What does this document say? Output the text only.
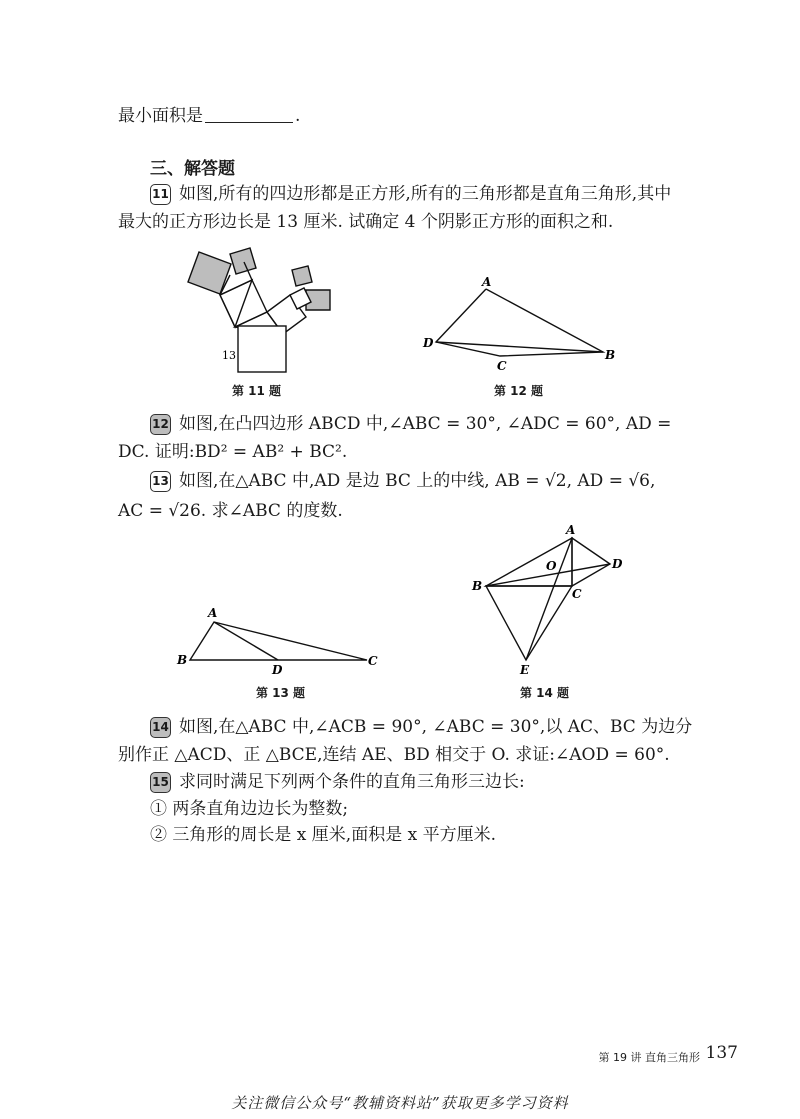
最小面积是	.
三、解答题
11 如图,所有的四边形都是正方形,所有的三角形都是直角三角形,其中
最大的正方形边长是 13 厘米. 试确定 4 个阴影正方形的面积之和.
13
第 11 题
A
D
C
B
第 12 题
12 如图,在凸四边形 ABCD 中,∠ABC = 30°, ∠ADC = 60°, AD =
DC. 证明:BD² = AB² + BC².
13 如图,在△ABC 中,AD 是边 BC 上的中线, AB = √2, AD = √6,
AC = √26. 求∠ABC 的度数.
A
B
D
C
第 13 题
A
O	D
B
C
E
第 14 题
14 如图,在△ABC 中,∠ACB = 90°, ∠ABC = 30°,以 AC、BC 为边分
别作正 △ACD、正 △BCE,连结 AE、BD 相交于 O. 求证:∠AOD = 60°.
15 求同时满足下列两个条件的直角三角形三边长:
① 两条直角边边长为整数;
② 三角形的周长是 x 厘米,面积是 x 平方厘米.
第 19 讲 直角三角形 137
关注微信公众号“教辅资料站”获取更多学习资料
